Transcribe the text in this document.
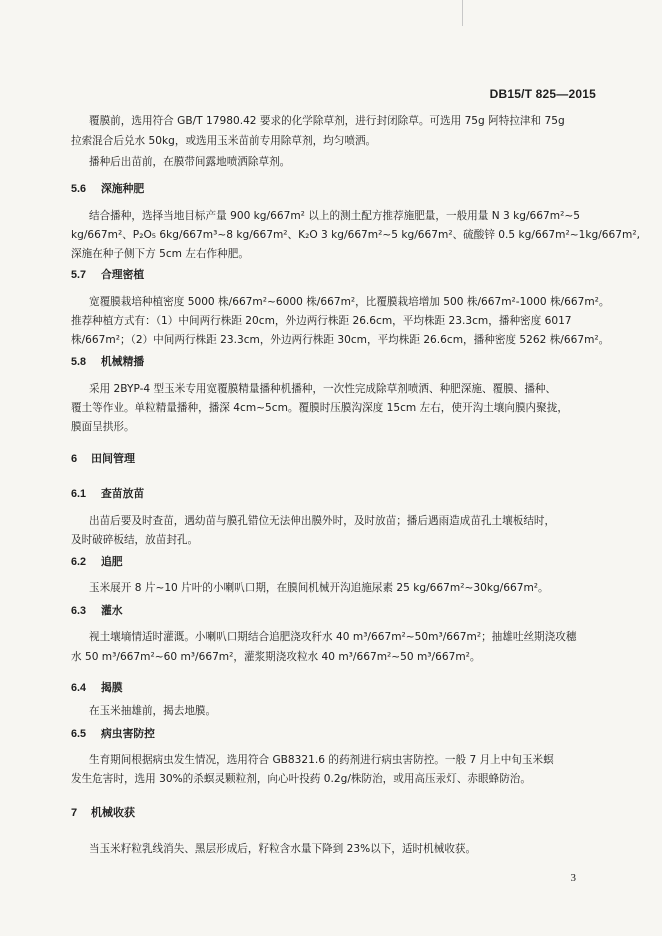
DB15/T 825—2015
覆膜前，选用符合 GB/T 17980.42 要求的化学除草剂，进行封闭除草。可选用 75g 阿特拉津和 75g
拉索混合后兑水 50kg，或选用玉米苗前专用除草剂，均匀喷洒。
播种后出苗前，在膜带间露地喷洒除草剂。
5.6 深施种肥
结合播种，选择当地目标产量 900 kg/667m² 以上的测土配方推荐施肥量，一般用量 N 3 kg/667m²~5
kg/667m²、P₂O₅ 6kg/667m³~8 kg/667m²、K₂O 3 kg/667m²~5 kg/667m²、硫酸锌 0.5 kg/667m²~1kg/667m²,
深施在种子侧下方 5cm 左右作种肥。
5.7 合理密植
宽覆膜栽培种植密度 5000 株/667m²~6000 株/667m²，比覆膜栽培增加 500 株/667m²-1000 株/667m²。
推荐种植方式有：（1）中间两行株距 20cm，外边两行株距 26.6cm，平均株距 23.3cm，播种密度 6017
株/667m²；（2）中间两行株距 23.3cm，外边两行株距 30cm，平均株距 26.6cm，播种密度 5262 株/667m²。
5.8 机械精播
采用 2BYP-4 型玉米专用宽覆膜精量播种机播种，一次性完成除草剂喷洒、种肥深施、覆膜、播种、
覆土等作业。单粒精量播种，播深 4cm~5cm。覆膜时压膜沟深度 15cm 左右，使开沟土壤向膜内聚拢，
膜面呈拱形。
6 田间管理
6.1 查苗放苗
出苗后要及时查苗，遇幼苗与膜孔错位无法伸出膜外时，及时放苗；播后遇雨造成苗孔土壤板结时，
及时破碎板结，放苗封孔。
6.2 追肥
玉米展开 8 片~10 片叶的小喇叭口期，在膜间机械开沟追施尿素 25 kg/667m²~30kg/667m²。
6.3 灌水
视土壤墒情适时灌溉。小喇叭口期结合追肥浇攻秆水 40 m³/667m²~50m³/667m²；抽雄吐丝期浇攻穗
水 50 m³/667m²~60 m³/667m²，灌浆期浇攻粒水 40 m³/667m²~50 m³/667m²。
6.4 揭膜
在玉米抽雄前，揭去地膜。
6.5 病虫害防控
生育期间根据病虫发生情况，选用符合 GB8321.6 的药剂进行病虫害防控。一般 7 月上中旬玉米螟
发生危害时，选用 30%的杀螟灵颗粒剂，向心叶投药 0.2g/株防治，或用高压汞灯、赤眼蜂防治。
7 机械收获
当玉米籽粒乳线消失、黑层形成后，籽粒含水量下降到 23%以下，适时机械收获。
3
